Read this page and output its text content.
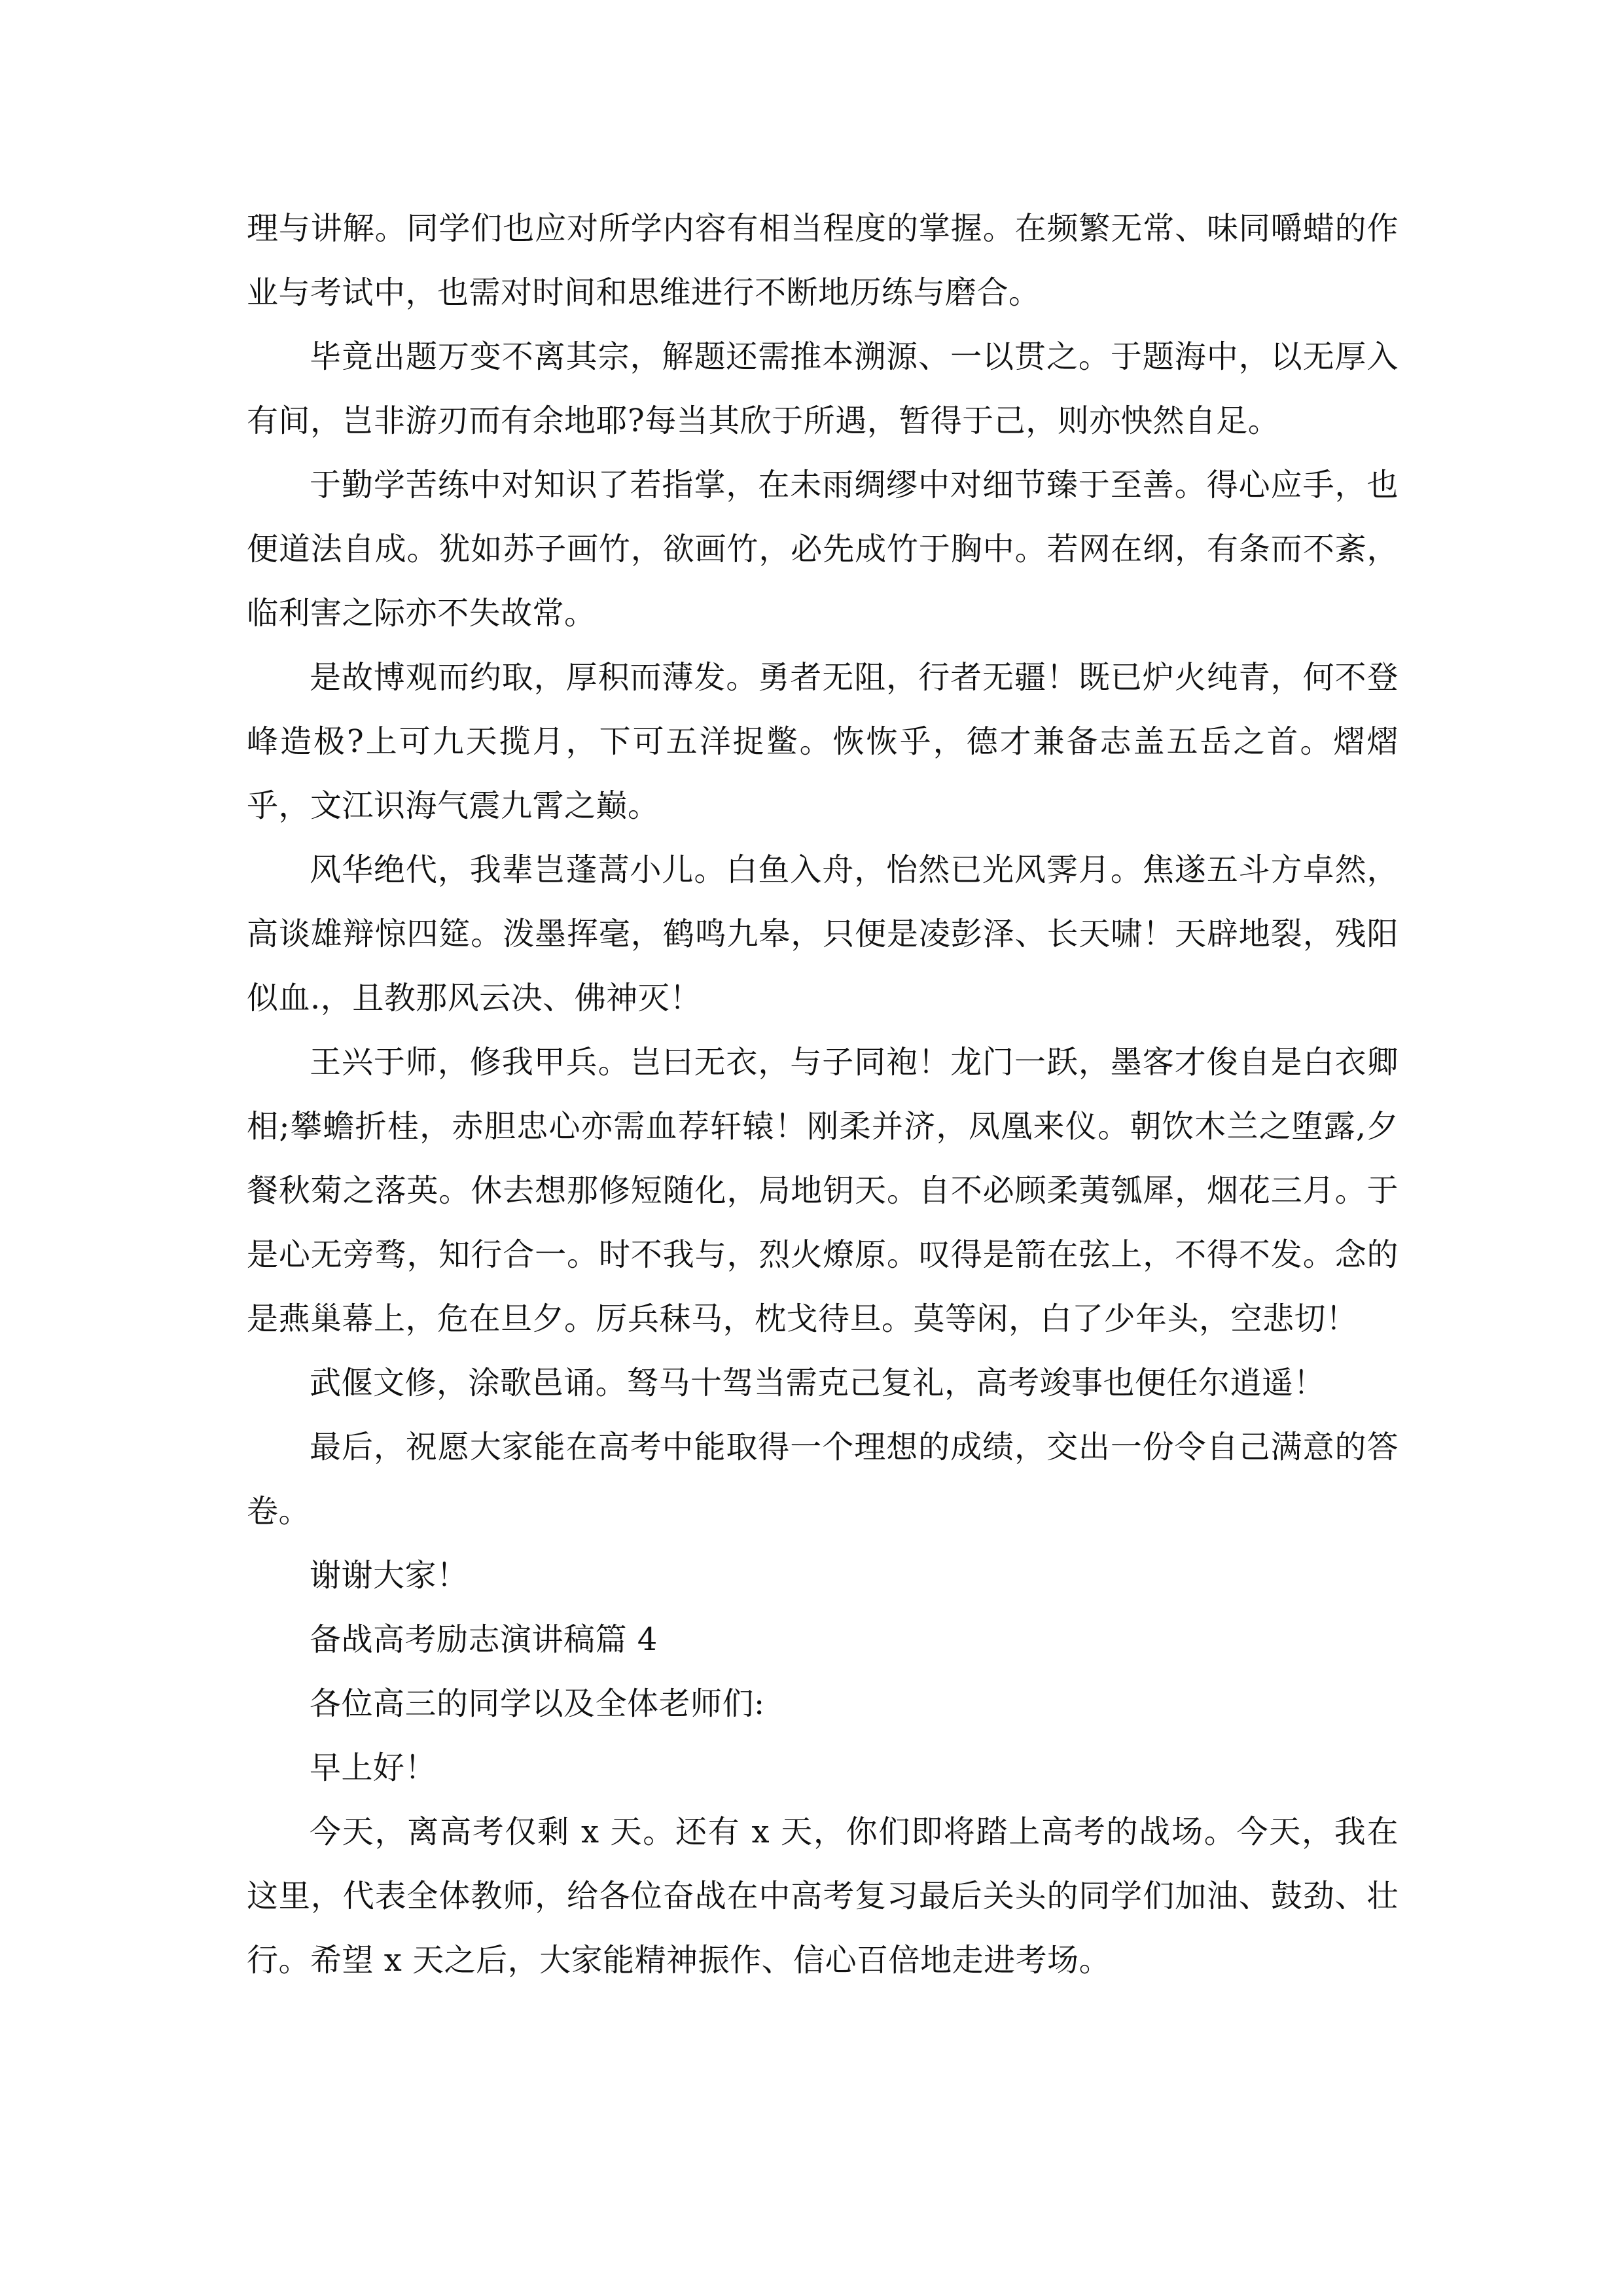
理与讲解。同学们也应对所学内容有相当程度的掌握。在频繁无常、味同嚼蜡的作业与考试中，也需对时间和思维进行不断地历练与磨合。

毕竟出题万变不离其宗，解题还需推本溯源、一以贯之。于题海中，以无厚入有间，岂非游刃而有余地耶?每当其欣于所遇，暂得于己，则亦怏然自足。

于勤学苦练中对知识了若指掌，在未雨绸缪中对细节臻于至善。得心应手，也便道法自成。犹如苏子画竹，欲画竹，必先成竹于胸中。若网在纲，有条而不紊，临利害之际亦不失故常。

是故博观而约取，厚积而薄发。勇者无阻，行者无疆！既已炉火纯青，何不登峰造极?上可九天揽月，下可五洋捉鳖。恢恢乎，德才兼备志盖五岳之首。熠熠乎，文江识海气震九霄之巅。

风华绝代，我辈岂蓬蒿小儿。白鱼入舟，怡然已光风霁月。焦遂五斗方卓然，高谈雄辩惊四筵。泼墨挥毫，鹤鸣九皋，只便是凌彭泽、长天啸！天辟地裂，残阳似血.，且教那风云决、佛神灭！

王兴于师，修我甲兵。岂曰无衣，与子同袍！龙门一跃，墨客才俊自是白衣卿相;攀蟾折桂，赤胆忠心亦需血荐轩辕！刚柔并济，凤凰来仪。朝饮木兰之堕露,夕餐秋菊之落英。休去想那修短随化，局地钥天。自不必顾柔荑瓠犀，烟花三月。于是心无旁骛，知行合一。时不我与，烈火燎原。叹得是箭在弦上，不得不发。念的是燕巢幕上，危在旦夕。厉兵秣马，枕戈待旦。莫等闲，白了少年头，空悲切！

武偃文修，涂歌邑诵。驽马十驾当需克己复礼，高考竣事也便任尔逍遥！

最后，祝愿大家能在高考中能取得一个理想的成绩，交出一份令自己满意的答卷。

谢谢大家！

备战高考励志演讲稿篇 4

各位高三的同学以及全体老师们:

早上好！

今天，离高考仅剩 x 天。还有 x 天，你们即将踏上高考的战场。今天，我在这里，代表全体教师，给各位奋战在中高考复习最后关头的同学们加油、鼓劲、壮行。希望 x 天之后，大家能精神振作、信心百倍地走进考场。
